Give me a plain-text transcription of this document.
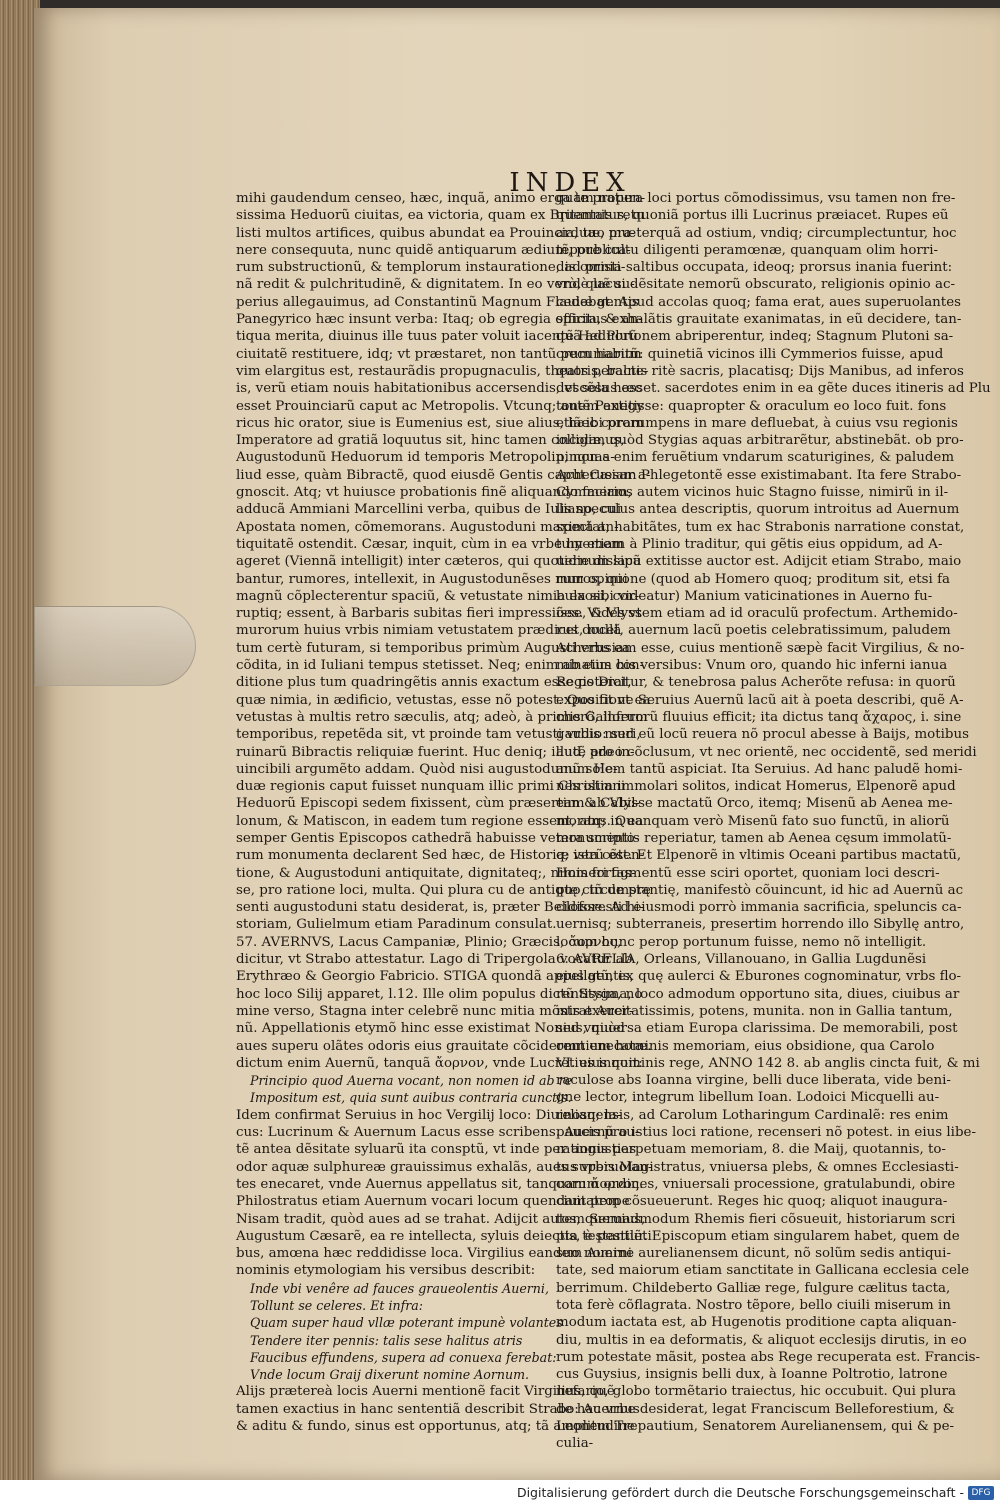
INDEX
mihi gaudendum censeo, hæc, inquã, animo erga te propen-
sissima Heduorũ ciuitas, ea victoria, quam ex Britannis retu
listi multos artifices, quibus abundat ea Prouincia, tuo mu-
nere consequuta, nunc quidẽ antiquarum ædium, publica-
rum substructionũ, & templorum instauratione, ad pristi-
nã redit & pulchritudinẽ, & dignitatem. In eo verò, quẽ su-
perius allegauimus, ad Constantinũ Magnum Flauiæ gentis
Panegyrico hæc insunt verba: Itaq; ob egregia officia, & an-
tiqua merita, diuinus ille tuus pater voluit iacentẽ Heduorũ
ciuitatẽ restituere, idq; vt præstaret, non tantũ pecuniarum
vim elargitus est, restaurãdis propugnaculis, theatris, balne-
is, verũ etiam nouis habitationibus accersendis, vt sola hæc
esset Prouinciarũ caput ac Metropolis. Vtcunq; autẽ Panegy
ricus hic orator, siue is Eumenius est, siue alius, hæc coram
Imperatore ad gratiã loquutus sit, hinc tamen colligimus,
Augustodunũ Heduorum id temporis Metropolin, non a-
liud esse, quàm Bibractẽ, quod eiusdẽ Gentis caput Cæsar a-
gnoscit. Atq; vt huiusce probationis finẽ aliquando faciam,
adducã Ammiani Marcellini verba, quibus de Iuliano, cui
Apostata nomen, cõmemorans. Augustoduni maximã an-
tiquitatẽ ostendit. Cæsar, inquit, cùm in ea vrbe hyemem
ageret (Viennã intelligit) inter cæteros, qui quotidie dissipa
bantur, rumores, intellexit, in Augustodunẽses muros, qui
magnũ cõplecterentur spaciũ, & vetustate nimia exosi, cor-
ruptiq; essent, à Barbaris subitas fieri impressiões. Vides vt
murorum huius vrbis nimiam vetustatem prædicet, nullã
tum certè futuram, si temporibus primùm Augusti vrbs ea
cõdita, in id Iuliani tempus stetisset. Neq; enim ab eius con-
ditione plus tum quadringẽtis annis exactum esse poterat,
quæ nimia, in ædificio, vetustas, esse nõ potest. Quo fit vt ea
vetustas à multis retro sæculis, atq; adeò, à primis Gallorum
temporibus, repetẽda sit, vt proinde tam vetusti vrbis muri,
ruinarũ Bibractis reliquiæ fuerint. Huc deniq; illud, pro in-
uincibili argumẽto addam. Quòd nisi augustodunum He-
duæ regionis caput fuisset nunquam illic primi Christiani
Heduorũ Episcopi sedem fixissent, cùm præsertim & Cabil-
lonum, & Matiscon, in eadem tum regione essent, atq; in ea
semper Gentis Episcopos cathedrã habuisse vetera scripto-
rum monumenta declarent Sed hæc, de Historiæ ista cõten-
tione, & Augustoduni antiquitate, dignitateq;, nimis fortas-
se, pro ratione loci, multa. Qui plura cu de antiquo, tũ de prę
senti augustoduni statu desiderat, is, præter Belloforesti hi-
storiam, Gulielmum etiam Paradinum consulat.
57. AVERNVS, Lacus Campaniæ, Plinio; Græcis, ἄορνος,
dicitur, vt Strabo attestatur. Lago di Tripergola vocatur ab
Erythræo & Georgio Fabricio. STIGA quondã appellatũ, ex
hoc loco Silij apparet, l.12. Ille olim populus dictũ Styga, no
mine verso, Stagna inter celebrẽ nunc mitia mõstrat Auer-
nũ. Appellationis etymõ hinc esse existimat Nonius, quòd
aues superu olãtes odoris eius grauitate cõciderent enecatæ.
dictum enim Auernũ, tanquã ἄορνον, vnde Lucretius inquit:
Principio quod Auerna vocant, non nomen id ab re
Impositum est, quia sunt auibus contraria cunctis.
Idem confirmat Seruius in hoc Vergilij loco: Diuinosq; la-
cus: Lucrinum & Auernum Lacus esse scribens. Auernũ au-
tẽ antea dẽsitate syluarũ ita consptũ, vt inde per angustias
odor aquæ sulphureæ grauissimus exhalãs, aues superuolan-
tes enecaret, vnde Auernus appellatus sit, tanquam ἄορνος.
Philostratus etiam Auernum vocari locum quendam prope
Nisam tradit, quòd aues ad se trahat. Adijcit autem Seruius,
Augustum Cæsarẽ, ea re intellecta, syluis deiectis, è pestilẽti
bus, amœna hæc reddidisse loca. Virgilius eandem Auerni
nominis etymologiam his versibus describit:
Inde vbi venêre ad fauces graueolentis Auerni,
Tollunt se celeres. Et infra:
Quam super haud vllæ poterant impunè volantes
Tendere iter pennis: talis sese halitus atris
Faucibus effundens, supera ad conuexa ferebat:
Vnde locum Graij dixerunt nomine Aornum.
Alijs prætereà locis Auerni mentionẽ facit Virgilius, quẽ
tamen exactius in hanc sententiã describit Strabo: Auernus
& aditu & fundo, sinus est opportunus, atq; tã amplitudine
quàm natura loci portus cõmodissimus, vsu tamen non fre-
quentatus, quoniã portus illi Lucrinus præiacet. Rupes eũ
arduæ, præterquã ad ostium, vndiq; circumplectuntur, hoc
tẽpore cultu diligenti peramœnæ, quanquam olim horri-
dis omnia saltibus occupata, ideoq; prorsus inania fuerint:
vndè lacui dẽsitate nemorũ obscurato, religionis opinio ac-
cedebat. Apud accolas quoq; fama erat, aues superuolantes
spiritus exhalãtis grauitate exanimatas, in eũ decidere, tan-
quã ad Plutonem abriperentur, indeq; Stagnum Plutoni sa-
crum habitũ: quinetiã vicinos illi Cymmerios fuisse, apud
quos peractis ritè sacris, placatisq; Dijs Manibus, ad inferos
descẽsus esset. sacerdotes enim in ea gẽte duces itineris ad Plu
tonem extitisse: quapropter & oraculum eo loco fuit. fons
etiã ibi prorumpens in mare defluebat, à cuius vsu regionis
incolæ, quòd Stygias aquas arbitrarẽtur, abstinebãt. ob pro-
pinquas enim feruẽtium vndarum scaturigines, & paludem
Acherusiam Phlegetontẽ esse existimabant. Ita fere Strabo-
Cymmerios autem vicinos huic Stagno fuisse, nimirũ in il-
lis speculus antea descriptis, quorum introitus ad Auernum
spectat, habitãtes, tum ex hac Strabonis narratione constat,
tum etiam à Plinio traditur, qui gẽtis eius oppidum, ad A-
uernum lacũ extitisse auctor est. Adijcit etiam Strabo, maio
rum opinione (quod ab Homero quoq; proditum sit, etsi fa
bula sibi videatur) Manium vaticinationes in Auerno fu-
isse, & Vlyssem etiam ad id oraculũ profectum. Arthemido-
rus docet, auernum lacũ poetis celebratissimum, paludem
Acherusiam esse, cuius mentionẽ sæpè facit Virgilius, & no-
minatim his versibus: Vnum oro, quando hic inferni ianua
Regis Dicitur, & tenebrosa palus Acherõte refusa: in quorũ
expositione Seruius Auernũ lacũ ait à poeta describi, quẽ A-
cherõ, inferorũ fluuius efficit; ita dictus tanq ἄχαρος, i. sine
gaudio: sed eũ locũ reuera nõ procul abesse à Baijs, motibus
autẽ adeo cõclusum, vt nec orientẽ, nec occidentẽ, sed meridi
anũ solem tantũ aspiciat. Ita Seruius. Ad hanc paludẽ homi-
nes olim immolari solitos, indicat Homerus, Elpenorẽ apud
eam ab Vlysse mactatũ Orco, itemq; Misenũ ab Aenea me-
morans. Quanquam verò Misenũ fato suo functũ, in aliorũ
monumentis reperiatur, tamen ab Aenea cęsum immolatũ-
q; verũ est. Et Elpenorẽ in vltimis Oceani partibus mactatũ,
Homeri figmentũ esse sciri oportet, quoniam loci descri-
ptę circumstantię, manifestò cõuincunt, id hic ad Auernũ ac
cidisse. Ad eiusmodi porrò immania sacrificia, speluncis ca-
uernisq; subterraneis, presertim horrendo illo Sibyllę antro,
locum hunc perop portunum fuisse, nemo nõ intelligit.
6. AVRELIA, Orleans, Villanouano, in Gallia Lugdunẽsi
eius gentis, quę aulerci & Eburones cognominatur, vrbs flo-
rentissima, loco admodum opportuno sita, diues, ciuibus ar
mis exercitatissimis, potens, munita. non in Gallia tantum,
sed vniuersa etiam Europa clarissima. De memorabili, post
omnium hominis memoriam, eius obsidione, qua Carolo
VI. eius nominis rege, ANNO 142 8. ab anglis cincta fuit, & mi
raculose abs Ioanna virgine, belli duce liberata, vide beni-
gne lector, integrum libellum Ioan. Lodoici Micquelli au-
relianensis, ad Carolum Lotharingum Cardinalẽ: res enim
paucis pro istius loci ratione, recenseri nõ potest. in eius libe-
rationis perpetuam memoriam, 8. die Maij, quotannis, to-
tus vrbis Magistratus, vniuersa plebs, & omnes Ecclesiasti-
corum ordines, vniuersali processione, gratulabundi, obire
ciuitatem cõsueuerunt. Reges hic quoq; aliquot inaugura-
tos, quemadmodum Rhemis fieri cõsueuit, historiarum scri
pta testantur. Episcopum etiam singularem habet, quem de
suo nomine aurelianensem dicunt, nõ solũm sedis antiqui-
tate, sed maiorum etiam sanctitate in Gallicana ecclesia cele
berrimum. Childeberto Galliæ rege, fulgure cælitus tacta,
tota ferè cõflagrata. Nostro tẽpore, bello ciuili miserum in
modum iactata est, ab Hugenotis proditione capta aliquan-
diu, multis in ea deformatis, & aliquot ecclesijs dirutis, in eo
rum potestate mãsit, postea abs Rege recuperata est. Francis-
cus Guysius, insignis belli dux, à Ioanne Poltrotio, latrone
nefario, globo tormẽtario traiectus, hic occubuit. Qui plura
de hac vrbe desiderat, legat Franciscum Belleforestium, &
Leonem Trepautium, Senatorem Aurelianensem, qui & pe-
culia-
Digitalisierung gefördert durch die Deutsche Forschungsgemeinschaft - DFG
